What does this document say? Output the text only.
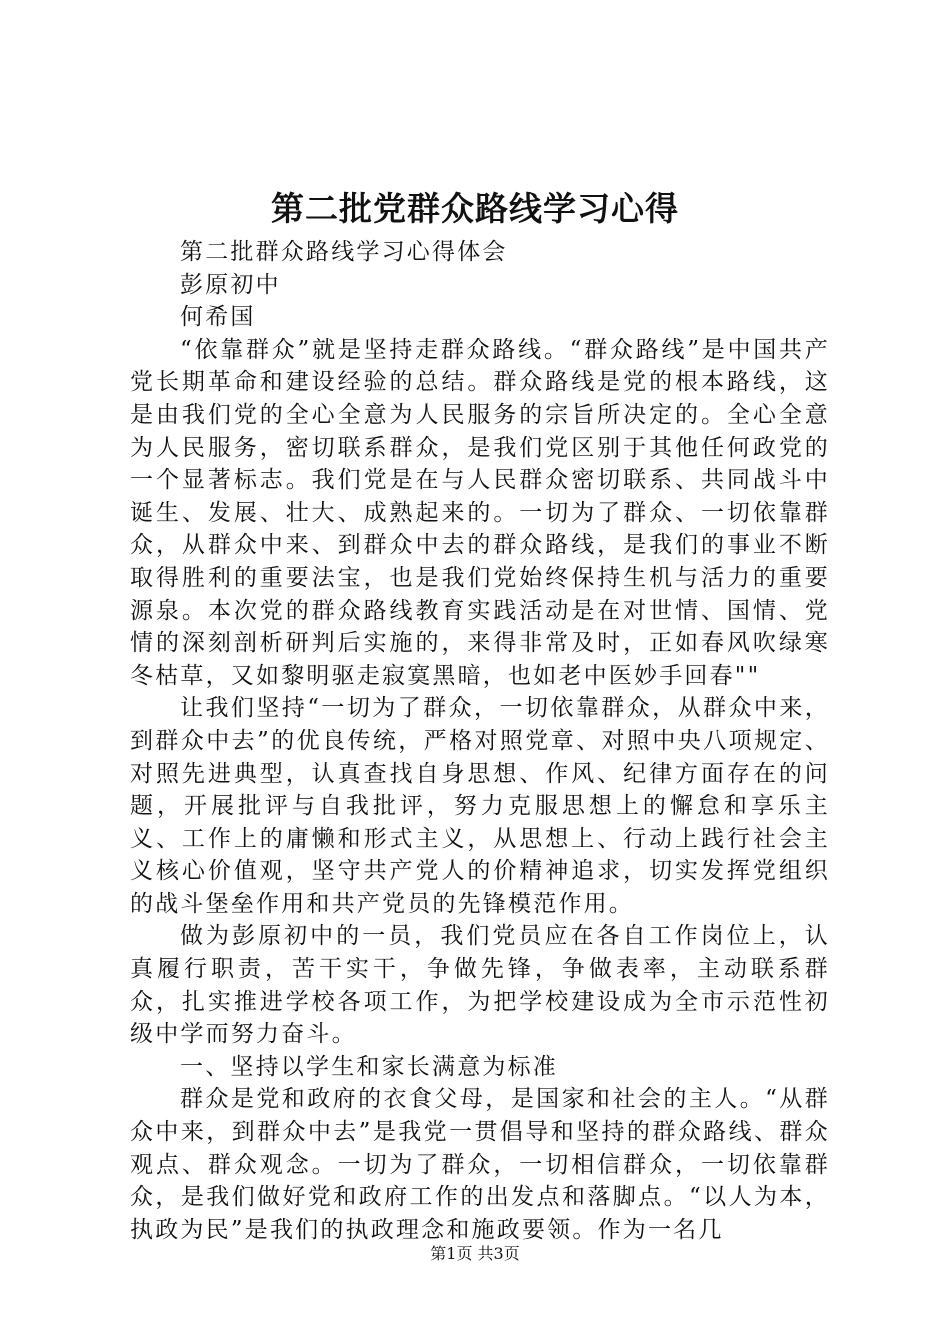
第二批党群众路线学习心得

第二批群众路线学习心得体会

彭原初中

何希国

“依靠群众”就是坚持走群众路线。“群众路线”是中国共产党长期革命和建设经验的总结。群众路线是党的根本路线，这是由我们党的全心全意为人民服务的宗旨所决定的。全心全意为人民服务，密切联系群众，是我们党区别于其他任何政党的一个显著标志。我们党是在与人民群众密切联系、共同战斗中诞生、发展、壮大、成熟起来的。一切为了群众、一切依靠群众，从群众中来、到群众中去的群众路线，是我们的事业不断取得胜利的重要法宝，也是我们党始终保持生机与活力的重要源泉。本次党的群众路线教育实践活动是在对世情、国情、党情的深刻剖析研判后实施的，来得非常及时，正如春风吹绿寒冬枯草，又如黎明驱走寂寞黑暗，也如老中医妙手回春""

让我们坚持“一切为了群众，一切依靠群众，从群众中来，到群众中去”的优良传统，严格对照党章、对照中央八项规定、对照先进典型，认真查找自身思想、作风、纪律方面存在的问题，开展批评与自我批评，努力克服思想上的懈怠和享乐主义、工作上的庸懒和形式主义，从思想上、行动上践行社会主义核心价值观，坚守共产党人的价精神追求，切实发挥党组织的战斗堡垒作用和共产党员的先锋模范作用。

做为彭原初中的一员，我们党员应在各自工作岗位上，认真履行职责，苦干实干，争做先锋，争做表率，主动联系群众，扎实推进学校各项工作，为把学校建设成为全市示范性初级中学而努力奋斗。

一、坚持以学生和家长满意为标准

群众是党和政府的衣食父母，是国家和社会的主人。“从群众中来，到群众中去”是我党一贯倡导和坚持的群众路线、群众观点、群众观念。一切为了群众，一切相信群众，一切依靠群众，是我们做好党和政府工作的出发点和落脚点。“以人为本，执政为民”是我们的执政理念和施政要领。作为一名几

第1页 共3页
